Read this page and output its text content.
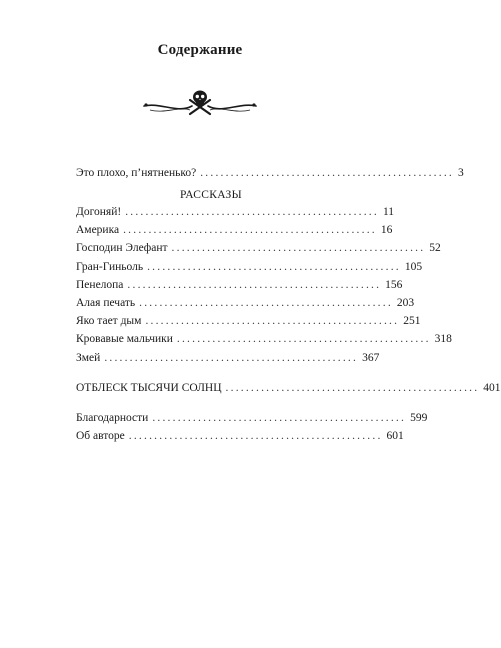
Содержание
Это плохо, п’нятненько? .................................................. 3
РАССКАЗЫ
Догоняй! .................................................. 11
Америка .................................................. 16
Господин Элефант .................................................. 52
Гран-Гиньоль .................................................. 105
Пенелопа .................................................. 156
Алая печать .................................................. 203
Яко тает дым .................................................. 251
Кровавые мальчики .................................................. 318
Змей .................................................. 367
ОТБЛЕСК ТЫСЯЧИ СОЛНЦ .................................................. 401
Благодарности .................................................. 599
Об авторе .................................................. 601
